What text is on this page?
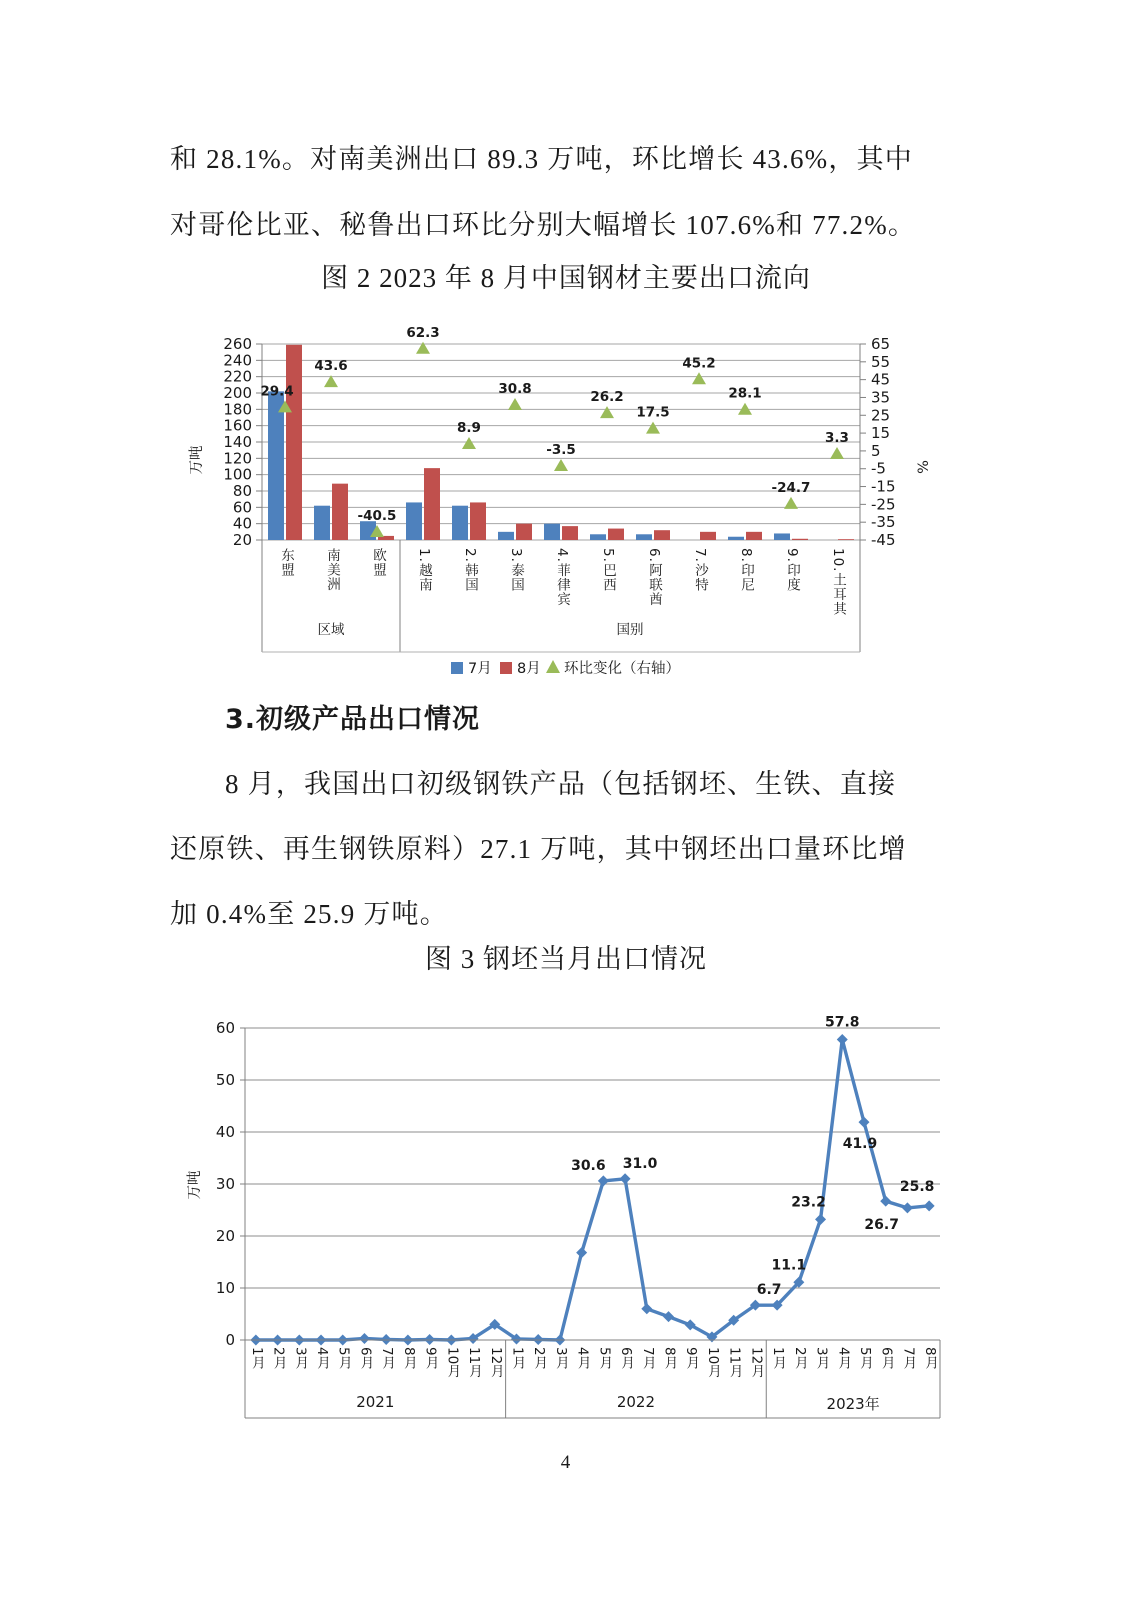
和 28.1%。对南美洲出口 89.3 万吨，环比增长 43.6%，其中
对哥伦比亚、秘鲁出口环比分别大幅增长 107.6%和 77.2%。
图 2 2023 年 8 月中国钢材主要出口流向
20
40
60
80
100
120
140
160
180
200
220
240
260
-45
-35
-25
-15
-5
5
15
25
35
45
55
65
29.4
43.6
-40.5
62.3
8.9
30.8
-3.5
26.2
17.5
45.2
28.1
-24.7
3.3
万吨	%
7月 8月 环比变化（右轴）
东盟 南美洲 欧盟 1.越南 2.韩国 3.泰国 4.菲律宾 5.巴西 6.阿联酋 7.沙特 8.印尼 9.印度 10.土耳其
区域	国别
3.初级产品出口情况
8 月，我国出口初级钢铁产品（包括钢坯、生铁、直接
还原铁、再生钢铁原料）27.1 万吨，其中钢坯出口量环比增
加 0.4%至 25.9 万吨。
图 3 钢坯当月出口情况
0
10
20
30
40
50
60
30.6 31.0
6.7
11.1
23.2
57.8
41.9
26.7
25.8
万吨
1月 2月 3月 4月 5月 6月 7月 8月 9月 10月 11月 12月 1月 2月 3月 4月 5月 6月 7月 8月 9月 10月 11月 12月 1月 2月 3月 4月 5月 6月 7月 8月
2021	2022	2023年
4
